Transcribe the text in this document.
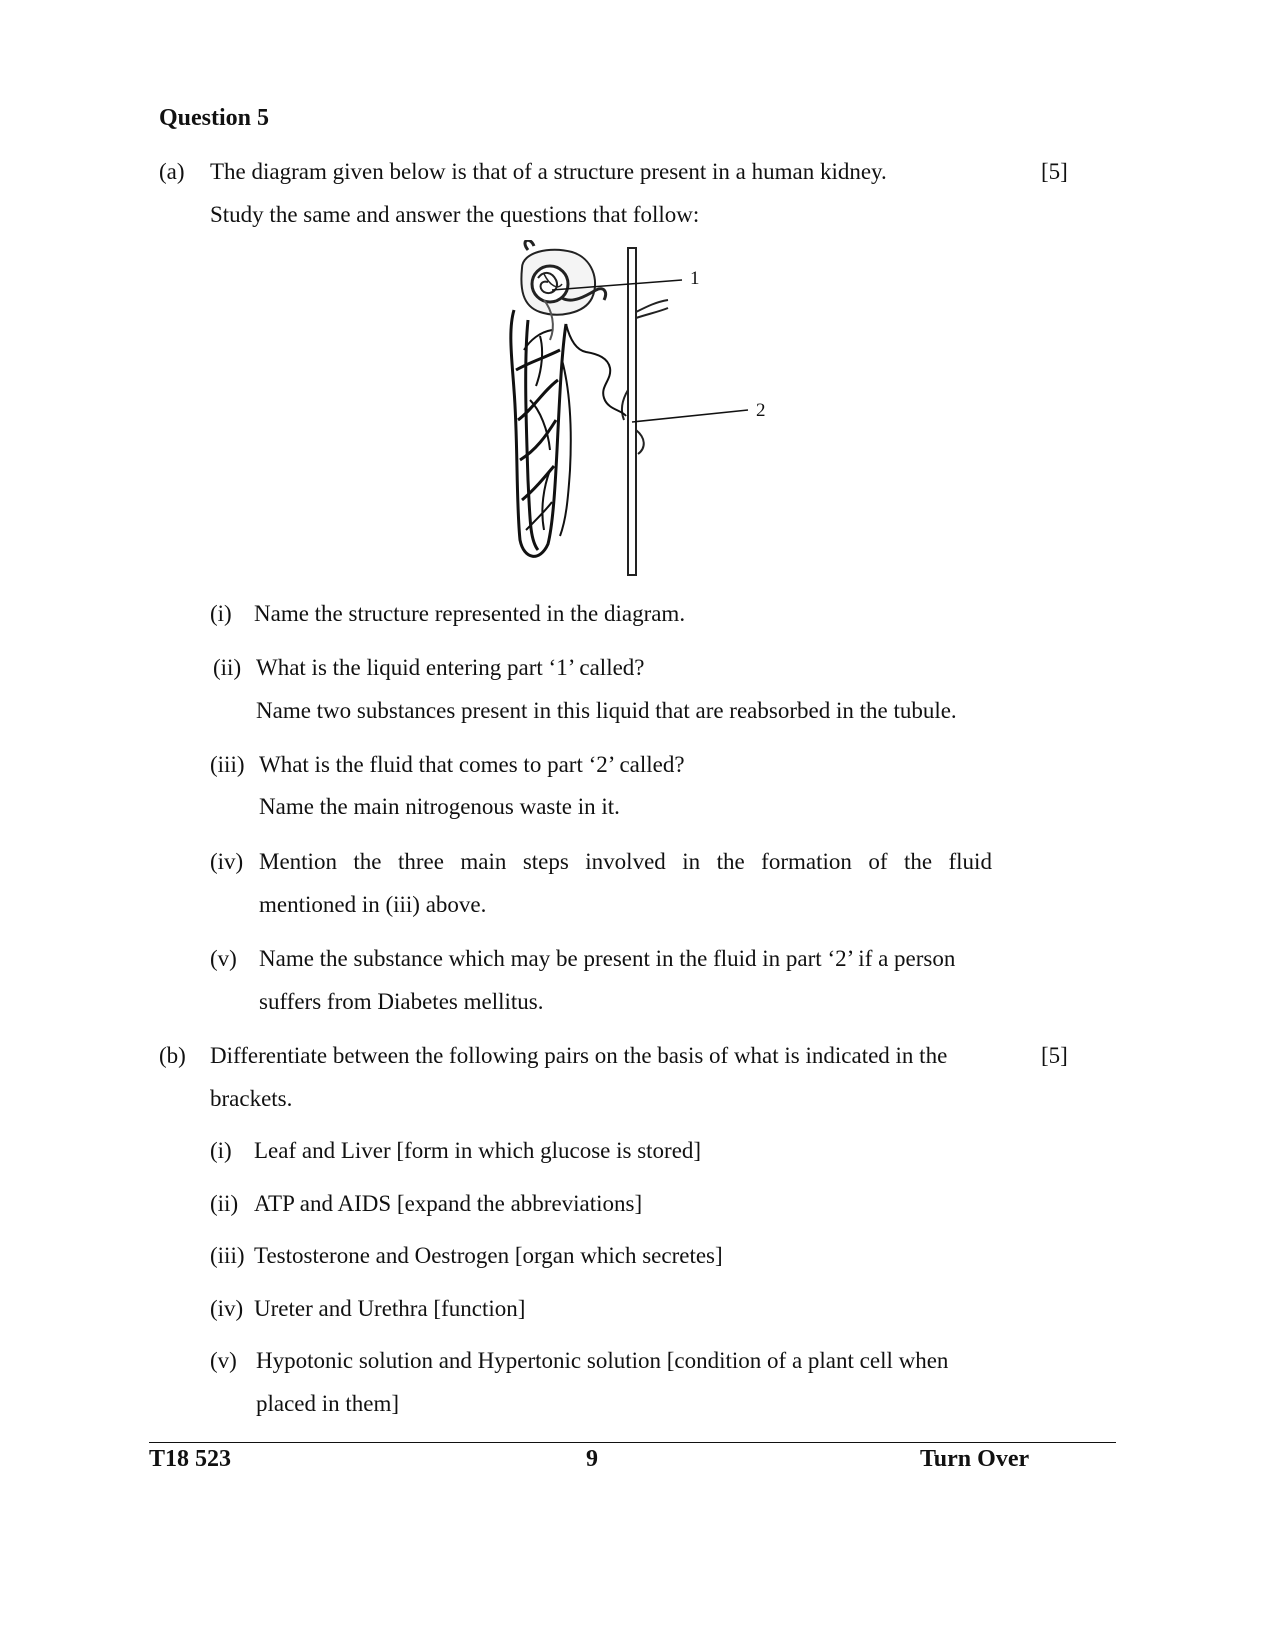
Question 5
(a) The diagram given below is that of a structure present in a human kidney.	[5]
Study the same and answer the questions that follow:
1
2
(i) Name the structure represented in the diagram.
(ii) What is the liquid entering part ‘1’ called?
Name two substances present in this liquid that are reabsorbed in the tubule.
(iii) What is the fluid that comes to part ‘2’ called?
Name the main nitrogenous waste in it.
(iv) Mention the three main steps involved in the formation of the fluid
mentioned in (iii) above.
(v) Name the substance which may be present in the fluid in part ‘2’ if a person
suffers from Diabetes mellitus.
(b) Differentiate between the following pairs on the basis of what is indicated in the	[5]
brackets.
(i) Leaf and Liver [form in which glucose is stored]
(ii) ATP and AIDS [expand the abbreviations]
(iii) Testosterone and Oestrogen [organ which secretes]
(iv) Ureter and Urethra [function]
(v) Hypotonic solution and Hypertonic solution [condition of a plant cell when
placed in them]
T18 523	9	Turn Over
